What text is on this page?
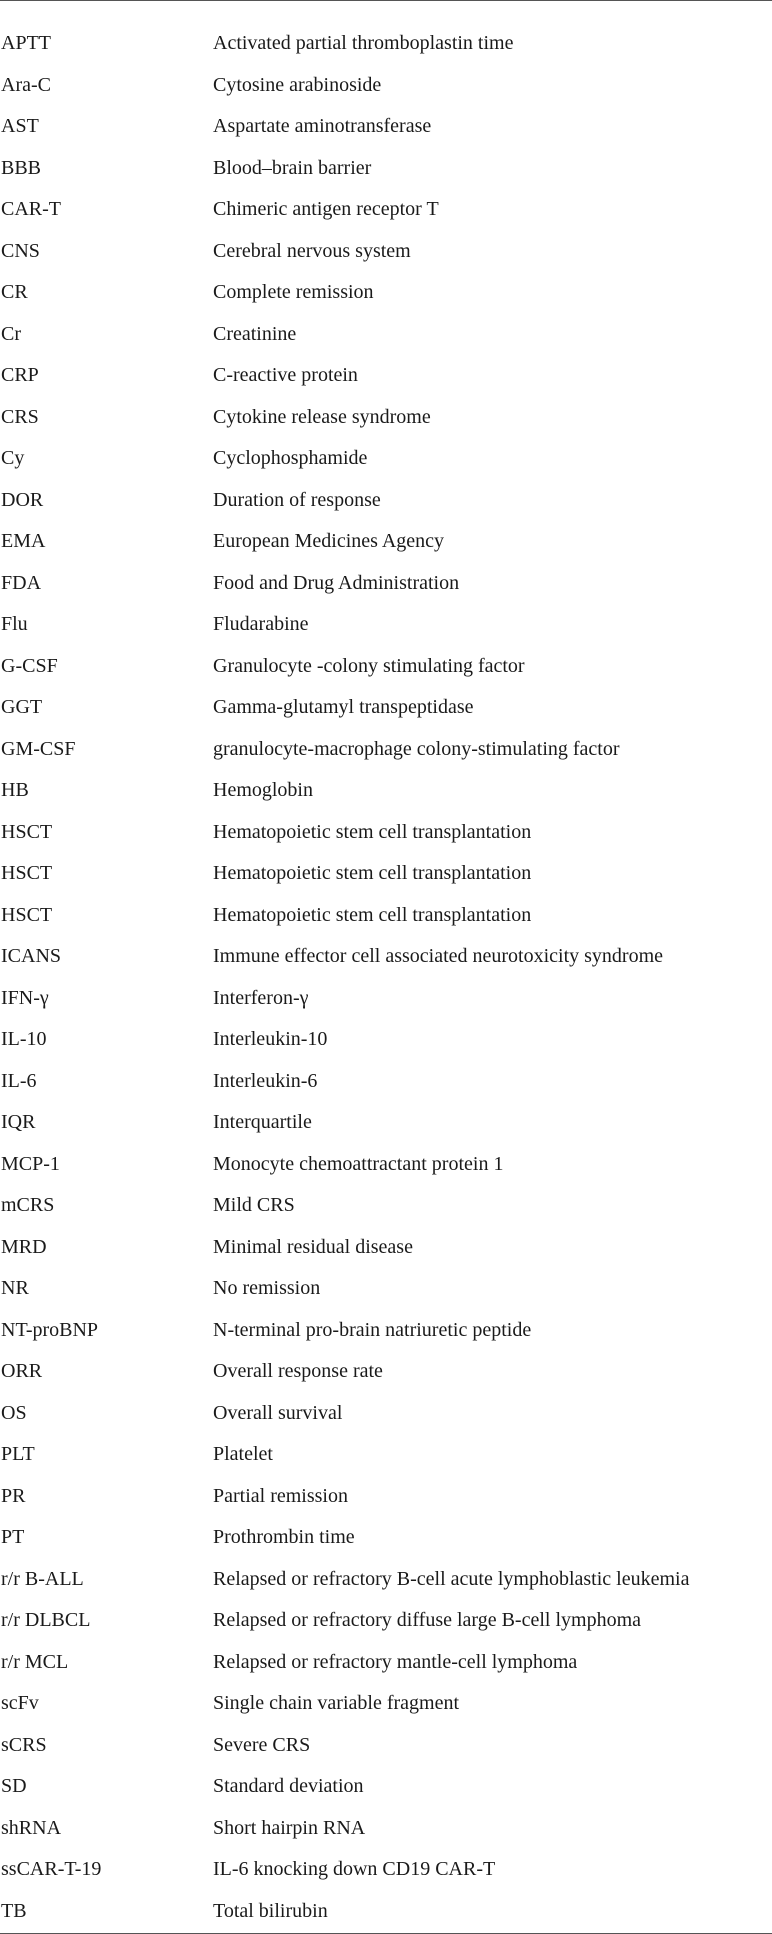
APTT	Activated partial thromboplastin time
Ara-C	Cytosine arabinoside
AST	Aspartate aminotransferase
BBB	Blood–brain barrier
CAR-T	Chimeric antigen receptor T
CNS	Cerebral nervous system
CR	Complete remission
Cr	Creatinine
CRP	C-reactive protein
CRS	Cytokine release syndrome
Cy	Cyclophosphamide
DOR	Duration of response
EMA	European Medicines Agency
FDA	Food and Drug Administration
Flu	Fludarabine
G-CSF	Granulocyte -colony stimulating factor
GGT	Gamma-glutamyl transpeptidase
GM-CSF	granulocyte-macrophage colony-stimulating factor
HB	Hemoglobin
HSCT	Hematopoietic stem cell transplantation
HSCT	Hematopoietic stem cell transplantation
HSCT	Hematopoietic stem cell transplantation
ICANS	Immune effector cell associated neurotoxicity syndrome
IFN-γ	Interferon-γ
IL-10	Interleukin-10
IL-6	Interleukin-6
IQR	Interquartile
MCP-1	Monocyte chemoattractant protein 1
mCRS	Mild CRS
MRD	Minimal residual disease
NR	No remission
NT-proBNP	N-terminal pro-brain natriuretic peptide
ORR	Overall response rate
OS	Overall survival
PLT	Platelet
PR	Partial remission
PT	Prothrombin time
r/r B-ALL	Relapsed or refractory B-cell acute lymphoblastic leukemia
r/r DLBCL	Relapsed or refractory diffuse large B-cell lymphoma
r/r MCL	Relapsed or refractory mantle-cell lymphoma
scFv	Single chain variable fragment
sCRS	Severe CRS
SD	Standard deviation
shRNA	Short hairpin RNA
ssCAR-T-19	IL-6 knocking down CD19 CAR-T
TB	Total bilirubin
